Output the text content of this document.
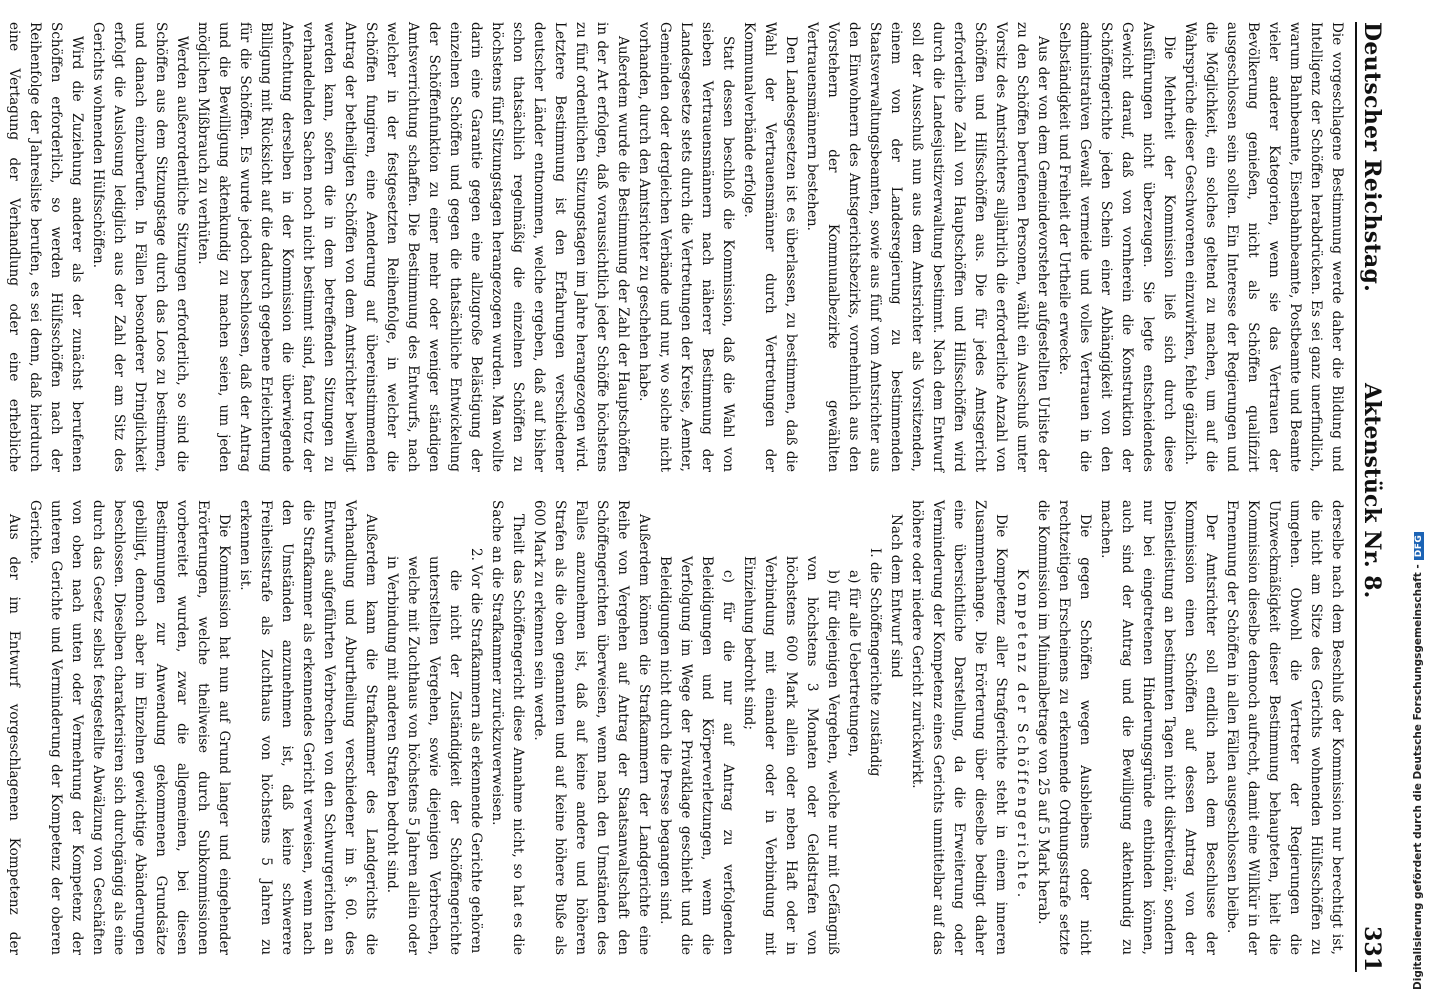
Deutscher Reichstag.
Aktenstück Nr. 8.
331

Die vorgeschlagene Bestimmung werde daher die Bildung und Intelligenz der Schöffen herabdrücken. Es sei ganz unerfindlich, warum Bahnbeamte, Eisenbahnbeamte, Postbeamte und Beamte vieler anderer Kategorien, wenn sie das Vertrauen der Bevölkerung genießen, nicht als Schöffen qualifizirt ausgeschlossen sein sollten. Ein Interesse der Regierungen und die Möglichkeit, ein solches geltend zu machen, um auf die Wahrsprüche dieser Geschworenen einzuwirken, fehle gänzlich.

Die Mehrheit der Kommission ließ sich durch diese Ausführungen nicht überzeugen. Sie legte entscheidendes Gewicht darauf, daß von vornherein die Konstruktion der Schöffengerichte jeden Schein einer Abhängigkeit von den administrativen Gewalt vermeide und volles Vertrauen in die Selbständigkeit und Freiheit der Urtheile erwecke.

Aus der von dem Gemeindevorsteher aufgestellten Urliste der zu den Schöffen berufenen Personen, wählt ein Ausschuß unter Vorsitz des Amtsrichters alljährlich die erforderliche Anzahl von Schöffen und Hilfsschöffen aus. Die für jedes Amtsgericht erforderliche Zahl von Hauptschöffen und Hilfsschöffen wird durch die Landesjustizverwaltung bestimmt. Nach dem Entwurf soll der Ausschuß nun aus dem Amtsrichter als Vorsitzenden, einem von der Landesregierung zu bestimmenden Staatsverwaltungsbeamten, sowie aus fünf vom Amtsrichter aus den Einwohnern des Amtsgerichtsbezirks, vornehmlich aus den Vorstehern der Kommunalbezirke gewählten Vertrauensmännern bestehen.

Den Landesgesetzen ist es überlassen, zu bestimmen, daß die Wahl der Vertrauensmänner durch Vertretungen der Kommunalverbände erfolge.

Statt dessen beschloß die Kommission, daß die Wahl von sieben Vertrauensmännern nach näherer Bestimmung der Landesgesetze stets durch die Vertretungen der Kreise, Aemter, Gemeinden oder dergleichen Verbände und nur, wo solche nicht vorhanden, durch den Amtsrichter zu geschehen habe.

Außerdem wurde die Bestimmung der Zahl der Hauptschöffen in der Art erfolgen, daß voraussichtlich jeder Schöffe höchstens zu fünf ordentlichen Sitzungstagen im Jahre herangezogen wird. Letztere Bestimmung ist den Erfahrungen verschiedener deutscher Länder entnommen, welche ergeben, daß auf bisher schon thatsächlich regelmäßig die einzelnen Schöffen zu höchstens fünf Sitzungstagen herangezogen wurden. Man wollte darin eine Garantie gegen eine allzugroße Belästigung der einzelnen Schöffen und gegen die thatsächliche Entwickelung der Schöffenfunktion zu einer mehr oder weniger ständigen Amtsverrichtung schaffen. Die Bestimmung des Entwurfs, nach welcher in der festgesetzten Reihenfolge, in welcher die Schöffen fungiren, eine Aenderung auf übereinstimmenden Antrag der betheiligten Schöffen von dem Amtsrichter bewilligt werden kann, sofern die in dem betreffenden Sitzungen zu verhandelnden Sachen noch nicht bestimmt sind, fand trotz der Anfechtung derselben in der Kommission die überwiegende Billigung mit Rücksicht auf die dadurch gegebene Erleichterung für die Schöffen. Es wurde jedoch beschlossen, daß der Antrag und die Bewilligung aktenkundig zu machen seien, um jeden möglichen Mißbrauch zu verhüten.

Werden außerordentliche Sitzungen erforderlich, so sind die Schöffen aus dem Sitzungstage durch das Loos zu bestimmen, und danach einzuberufen. In Fällen besonderer Dringlichkeit erfolgt die Auslosung lediglich aus der Zahl der am Sitz des Gerichts wohnenden Hülfsschöffen.

Wird die Zuziehung anderer als der zunächst berufenen Schöffen erforderlich, so werden Hülfsschöffen nach der Reihenfolge der Jahresliste berufen, es sei denn, daß hierdurch eine Vertagung der Verhandlung oder eine erhebliche

derselbe nach dem Beschluß der Kommission nur berechtigt ist, die nicht am Sitze des Gerichts wohnenden Hülfsschöffen zu umgehen. Obwohl die Vertreter der Regierungen die Unzweckmäßigkeit dieser Bestimmung behaupteten, hielt die Kommission dieselbe dennoch aufrecht, damit eine Willkür in der Ernennung der Schöffen in allen Fällen ausgeschlossen bleibe.

Der Amtsrichter soll endlich nach dem Beschlusse der Kommission einen Schöffen auf dessen Antrag von der Dienstleistung an bestimmten Tagen nicht diskretionär, sondern nur bei eingetretenen Hinderungsgründe entbinden können, auch sind der Antrag und die Bewilligung aktenkundig zu machen.

Die gegen Schöffen wegen Ausbleibens oder nicht rechtzeitigen Erscheinens zu erkennende Ordnungsstrafe setzte die Kommission im Minimalbetrage von 25 auf 5 Mark herab.

Kompetenz der Schöffengerichte.

Die Kompetenz aller Strafgerichte steht in einem inneren Zusammenhange. Die Erörterung über dieselbe bedingt daher eine übersichtliche Darstellung, da die Erweiterung oder Verminderung der Kompetenz eines Gerichts unmittelbar auf das höhere oder niedere Gericht zurückwirkt.

Nach dem Entwurf sind

I. die Schöffengerichte zuständig

a) für alle Uebertretungen,

b) für diejenigen Vergehen, welche nur mit Gefängniß von höchstens 3 Monaten oder Geldstrafen von höchstens 600 Mark allein oder neben Haft oder in Verbindung mit einander oder in Verbindung mit Einziehung bedroht sind;

c) für die nur auf Antrag zu verfolgenden Beleidigungen und Körperverletzungen, wenn die Verfolgung im Wege der Privatklage geschieht und die Beleidigungen nicht durch die Presse begangen sind.

Außerdem können die Strafkammern der Landgerichte eine Reihe von Vergehen auf Antrag der Staatsanwaltschaft den Schöffengerichten überweisen, wenn nach den Umständen des Falles anzunehmen ist, daß auf keine andere und höheren Strafen als die oben genannten und auf keine höhere Buße als 600 Mark zu erkennen sein werde.

Theilt das Schöffengericht diese Annahme nicht, so hat es die Sache an die Strafkammer zurückzuverweisen.

2. Vor die Strafkammern als erkennende Gerichte gehören

die nicht der Zuständigkeit der Schöffengerichte unterstellten Vergehen, sowie diejenigen Verbrechen, welche mit Zuchthaus von höchstens 5 Jahren allein oder in Verbindung mit anderen Strafen bedroht sind.

Außerdem kann die Strafkammer des Landgerichts die Verhandlung und Aburtheilung verschiedener im §. 60. des Entwurfs aufgeführten Verbrechen von den Schwurgerichten an die Strafkammer als erkennendes Gericht verweisen, wenn nach den Umständen anzunehmen ist, daß keine schwerere Freiheitsstrafe als Zuchthaus von höchstens 5 Jahren zu erkennen ist.

Die Kommission hat nun auf Grund langer und eingehender Erörterungen, welche theilweise durch Subkommissionen vorbereitet wurden, zwar die allgemeinen, bei diesen Bestimmungen zur Anwendung gekommenen Grundsätze gebilligt, dennoch aber im Einzelnen gewichtige Abänderungen beschlossen. Dieselben charakterisiren sich durchgängig als eine durch das Gesetz selbst festgestellte Abwälzung von Geschäften von oben nach unten oder Vermehrung der Kompetenz der unteren Gerichte und Verminderung der Kompetenz der oberen Gerichte.

Aus der im Entwurf vorgeschlagenen Kompetenz der	Digitalisierung gefördert durch die Deutsche Forschungsgemeinschaft -DFG
